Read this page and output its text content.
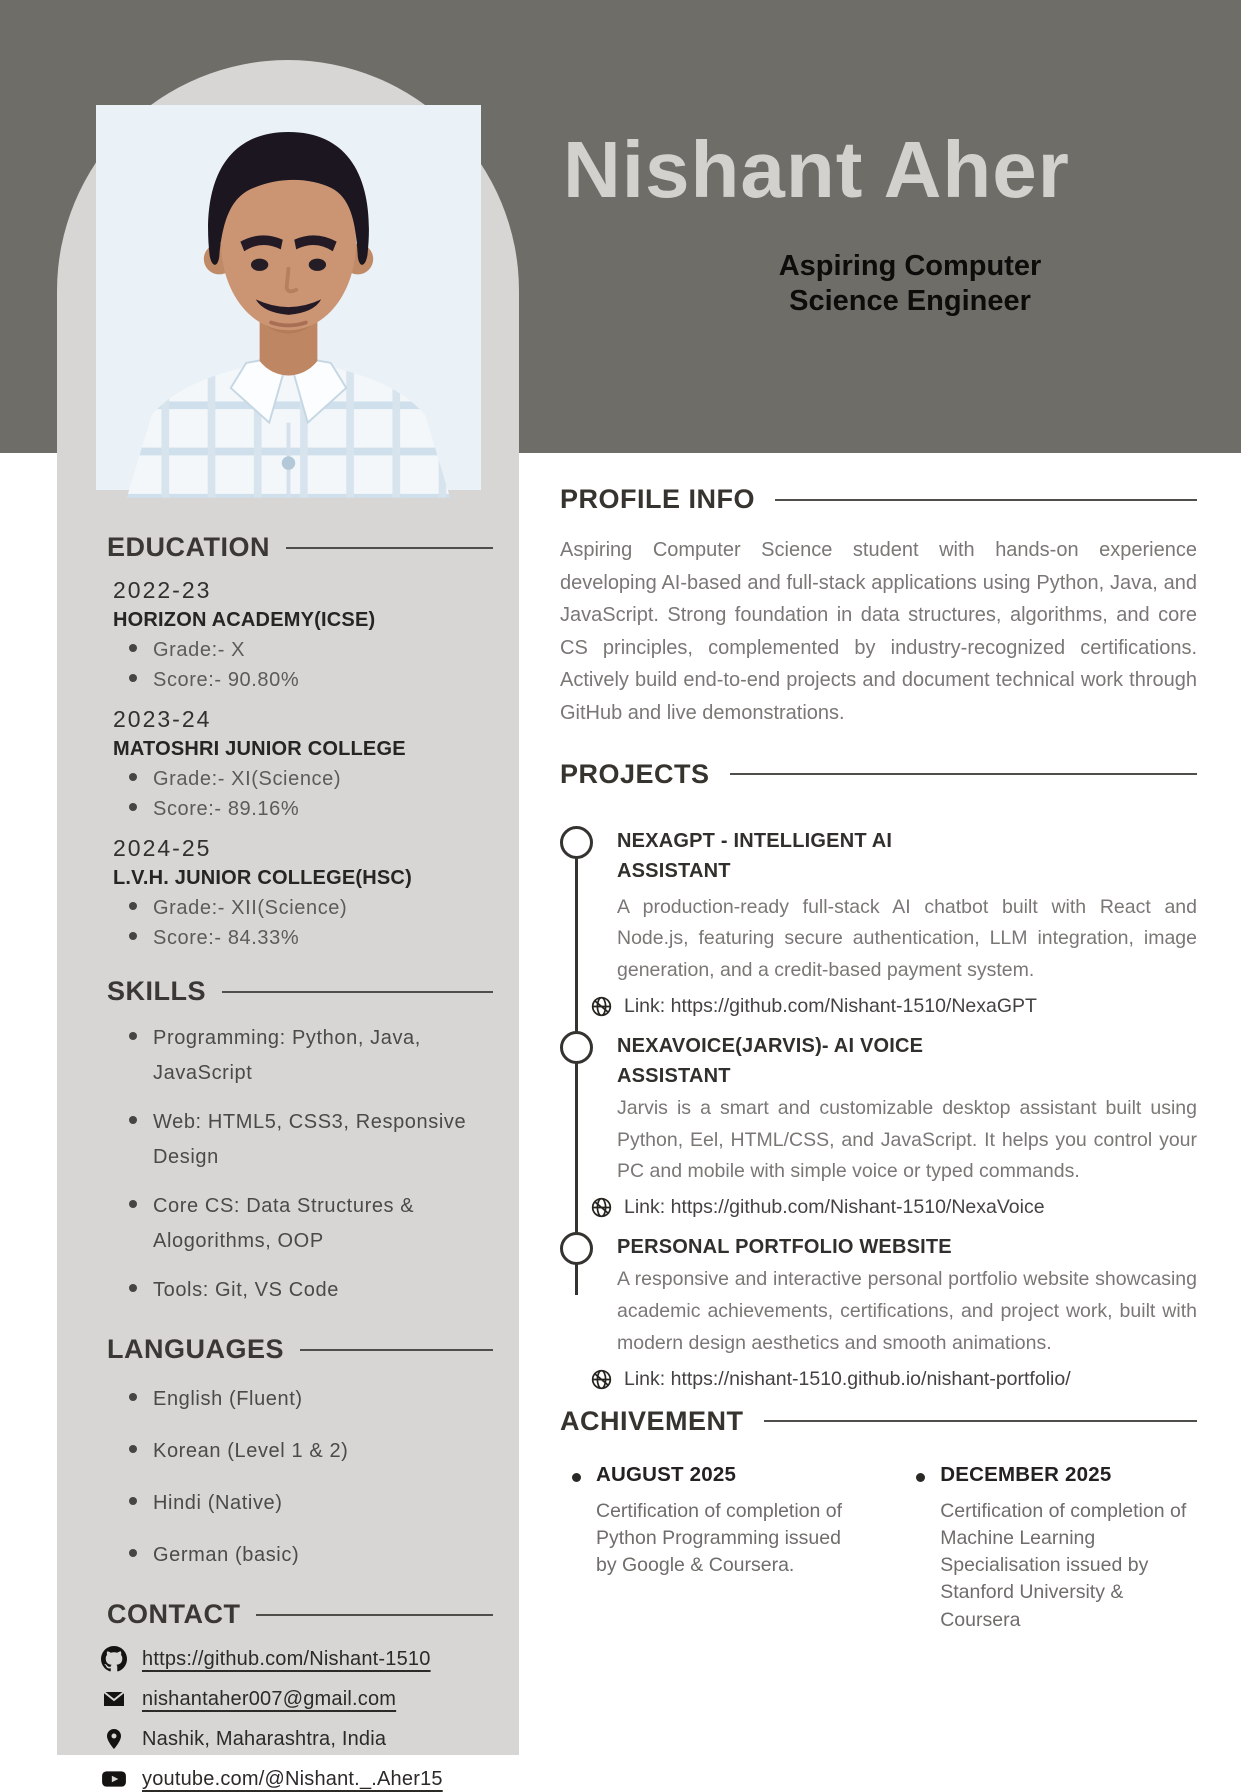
Nishant Aher
Aspiring Computer Science Engineer
EDUCATION
2022-23
HORIZON ACADEMY(ICSE)
Grade:- X
Score:- 90.80%
2023-24
MATOSHRI JUNIOR COLLEGE
Grade:- XI(Science)
Score:- 89.16%
2024-25
L.V.H. JUNIOR COLLEGE(HSC)
Grade:- XII(Science)
Score:- 84.33%
SKILLS
Programming: Python, Java, JavaScript
Web: HTML5, CSS3, Responsive Design
Core CS: Data Structures & Alogorithms, OOP
Tools: Git, VS Code
LANGUAGES
English (Fluent)
Korean (Level 1 & 2)
Hindi (Native)
German (basic)
CONTACT
https://github.com/Nishant-1510
nishantaher007@gmail.com
Nashik, Maharashtra, India
youtube.com/@Nishant._.Aher15
PROFILE INFO

Aspiring Computer Science student with hands-on experience developing AI-based and full-stack applications using Python, Java, and JavaScript. Strong foundation in data structures, algorithms, and core CS principles, complemented by industry-recognized certifications. Actively build end-to-end projects and document technical work through GitHub and live demonstrations.

PROJECTS
NEXAGPT - INTELLIGENT AI ASSISTANT

A production-ready full-stack AI chatbot built with React and Node.js, featuring secure authentication, LLM integration, image generation, and a credit-based payment system.

Link: https://github.com/Nishant-1510/NexaGPT
NEXAVOICE(JARVIS)- AI VOICE ASSISTANT

Jarvis is a smart and customizable desktop assistant built using Python, Eel, HTML/CSS, and JavaScript. It helps you control your PC and mobile with simple voice or typed commands.

Link: https://github.com/Nishant-1510/NexaVoice
PERSONAL PORTFOLIO WEBSITE

A responsive and interactive personal portfolio website showcasing academic achievements, certifications, and project work, built with modern design aesthetics and smooth animations.

Link: https://nishant-1510.github.io/nishant-portfolio/
ACHIVEMENT
AUGUST 2025

Certification of completion of Python Programming issued by Google & Coursera.

DECEMBER 2025

Certification of completion of Machine Learning Specialisation issued by Stanford University & Coursera
